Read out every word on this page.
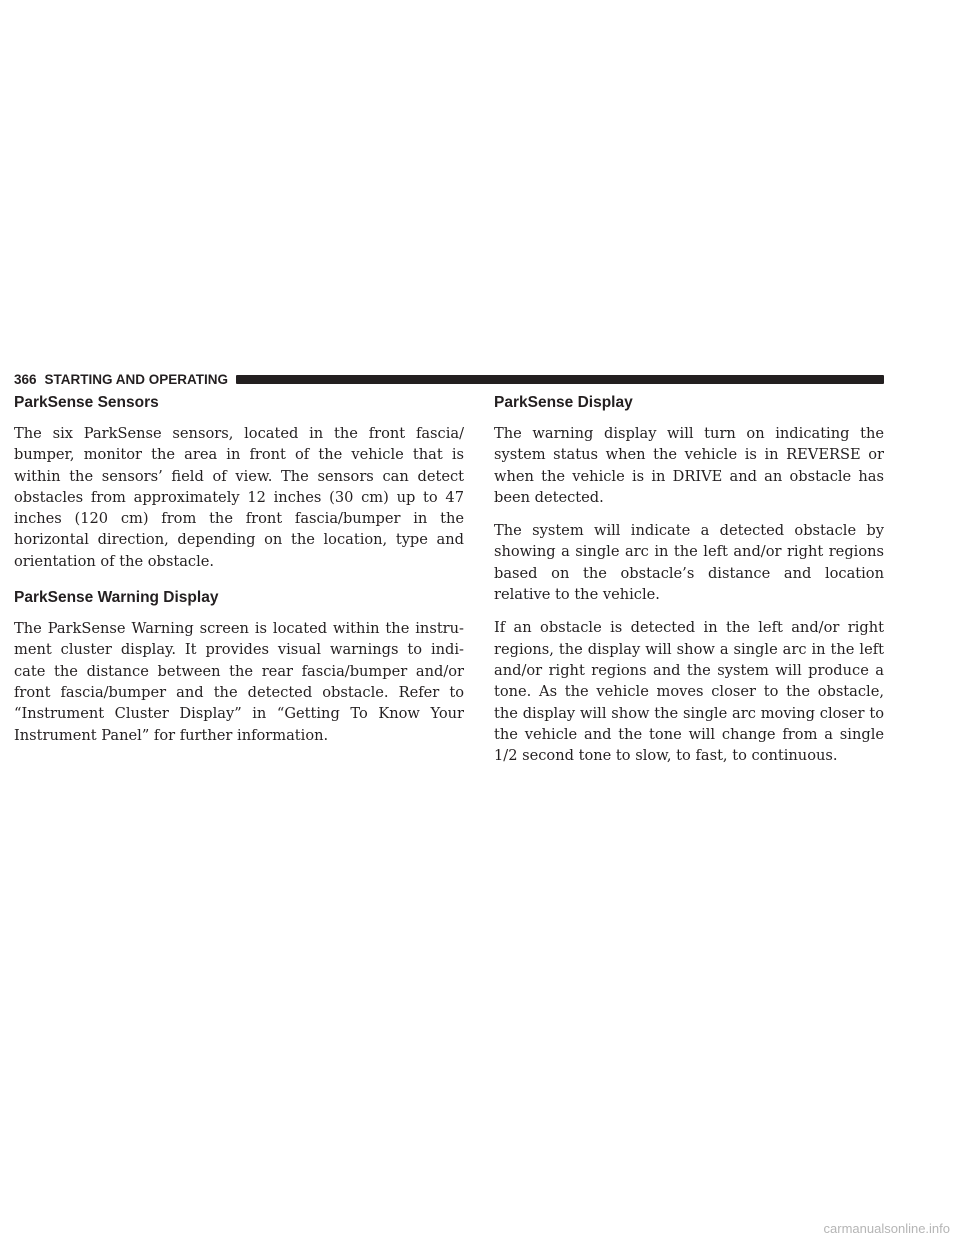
366 STARTING AND OPERATING
ParkSense Sensors

The six ParkSense sensors, located in the front fascia/ bumper, monitor the area in front of the vehicle that is within the sensors’ field of view. The sensors can detect obstacles from approximately 12 inches (30 cm) up to 47 inches (120 cm) from the front fascia/bumper in the horizontal direction, depending on the location, type and orientation of the obstacle.

ParkSense Warning Display

The ParkSense Warning screen is located within the instru- ment cluster display. It provides visual warnings to indi- cate the distance between the rear fascia/bumper and/or front fascia/bumper and the detected obstacle. Refer to “Instrument Cluster Display” in “Getting To Know Your Instrument Panel” for further information.

ParkSense Display

The warning display will turn on indicating the system status when the vehicle is in REVERSE or when the vehicle is in DRIVE and an obstacle has been detected.

The system will indicate a detected obstacle by showing a single arc in the left and/or right regions based on the obstacle’s distance and location relative to the vehicle.

If an obstacle is detected in the left and/or right regions, the display will show a single arc in the left and/or right regions and the system will produce a tone. As the vehicle moves closer to the obstacle, the display will show the single arc moving closer to the vehicle and the tone will change from a single 1/2 second tone to slow, to fast, to continuous.

carmanualsonline.info
